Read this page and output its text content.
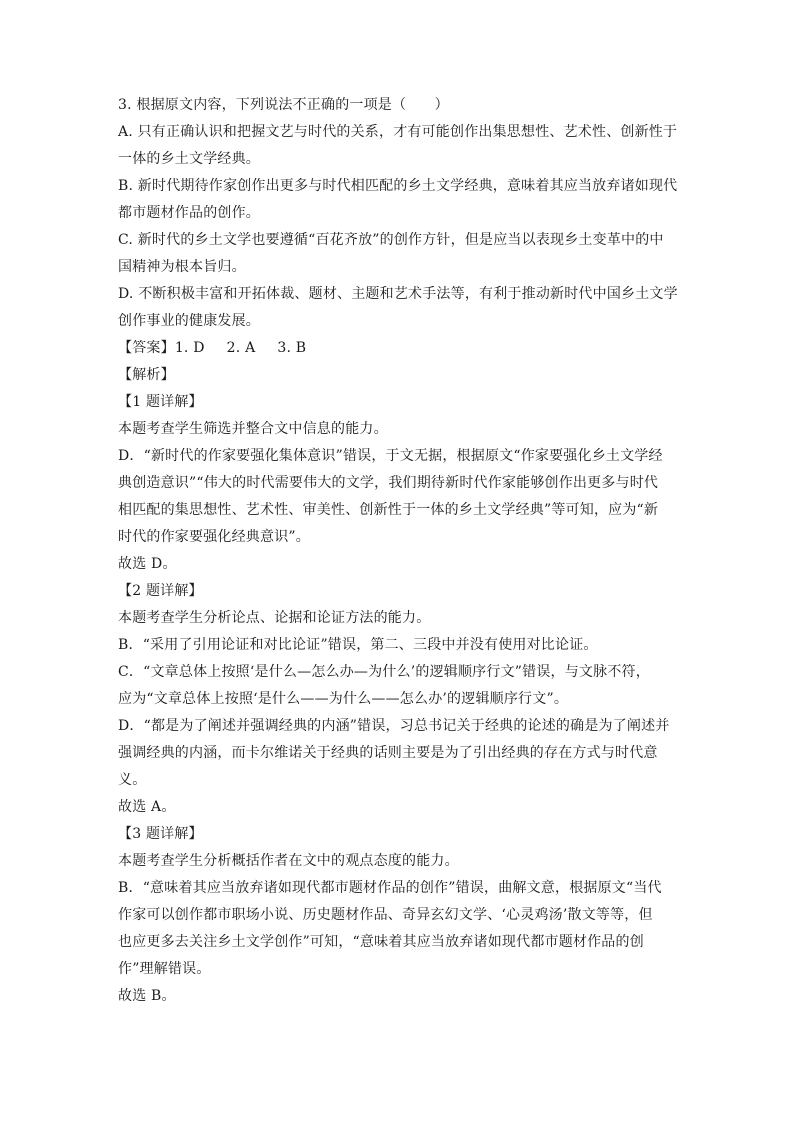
3. 根据原文内容，下列说法不正确的一项是（　　）
A. 只有正确认识和把握文艺与时代的关系，才有可能创作出集思想性、艺术性、创新性于
一体的乡土文学经典。
B. 新时代期待作家创作出更多与时代相匹配的乡土文学经典，意味着其应当放弃诸如现代
都市题材作品的创作。
C. 新时代的乡土文学也要遵循“百花齐放”的创作方针，但是应当以表现乡土变革中的中
国精神为根本旨归。
D. 不断积极丰富和开拓体裁、题材、主题和艺术手法等，有利于推动新时代中国乡土文学
创作事业的健康发展。
【答案】1. D 2. A 3. B
【解析】
【1 题详解】
本题考查学生筛选并整合文中信息的能力。
D．“新时代的作家要强化集体意识”错误，于文无据，根据原文“作家要强化乡土文学经
典创造意识”“伟大的时代需要伟大的文学，我们期待新时代作家能够创作出更多与时代
相匹配的集思想性、艺术性、审美性、创新性于一体的乡土文学经典”等可知，应为“新
时代的作家要强化经典意识”。
故选 D。
【2 题详解】
本题考查学生分析论点、论据和论证方法的能力。
B．“采用了引用论证和对比论证”错误，第二、三段中并没有使用对比论证。
C．“文章总体上按照‘是什么—怎么办—为什么’的逻辑顺序行文”错误，与文脉不符，
应为“文章总体上按照‘是什么——为什么——怎么办’的逻辑顺序行文”。
D．“都是为了阐述并强调经典的内涵”错误，习总书记关于经典的论述的确是为了阐述并
强调经典的内涵，而卡尔维诺关于经典的话则主要是为了引出经典的存在方式与时代意
义。
故选 A。
【3 题详解】
本题考查学生分析概括作者在文中的观点态度的能力。
B．“意味着其应当放弃诸如现代都市题材作品的创作”错误，曲解文意，根据原文“当代
作家可以创作都市职场小说、历史题材作品、奇异玄幻文学、‘心灵鸡汤’散文等等，但
也应更多去关注乡土文学创作”可知，“意味着其应当放弃诸如现代都市题材作品的创
作”理解错误。
故选 B。
